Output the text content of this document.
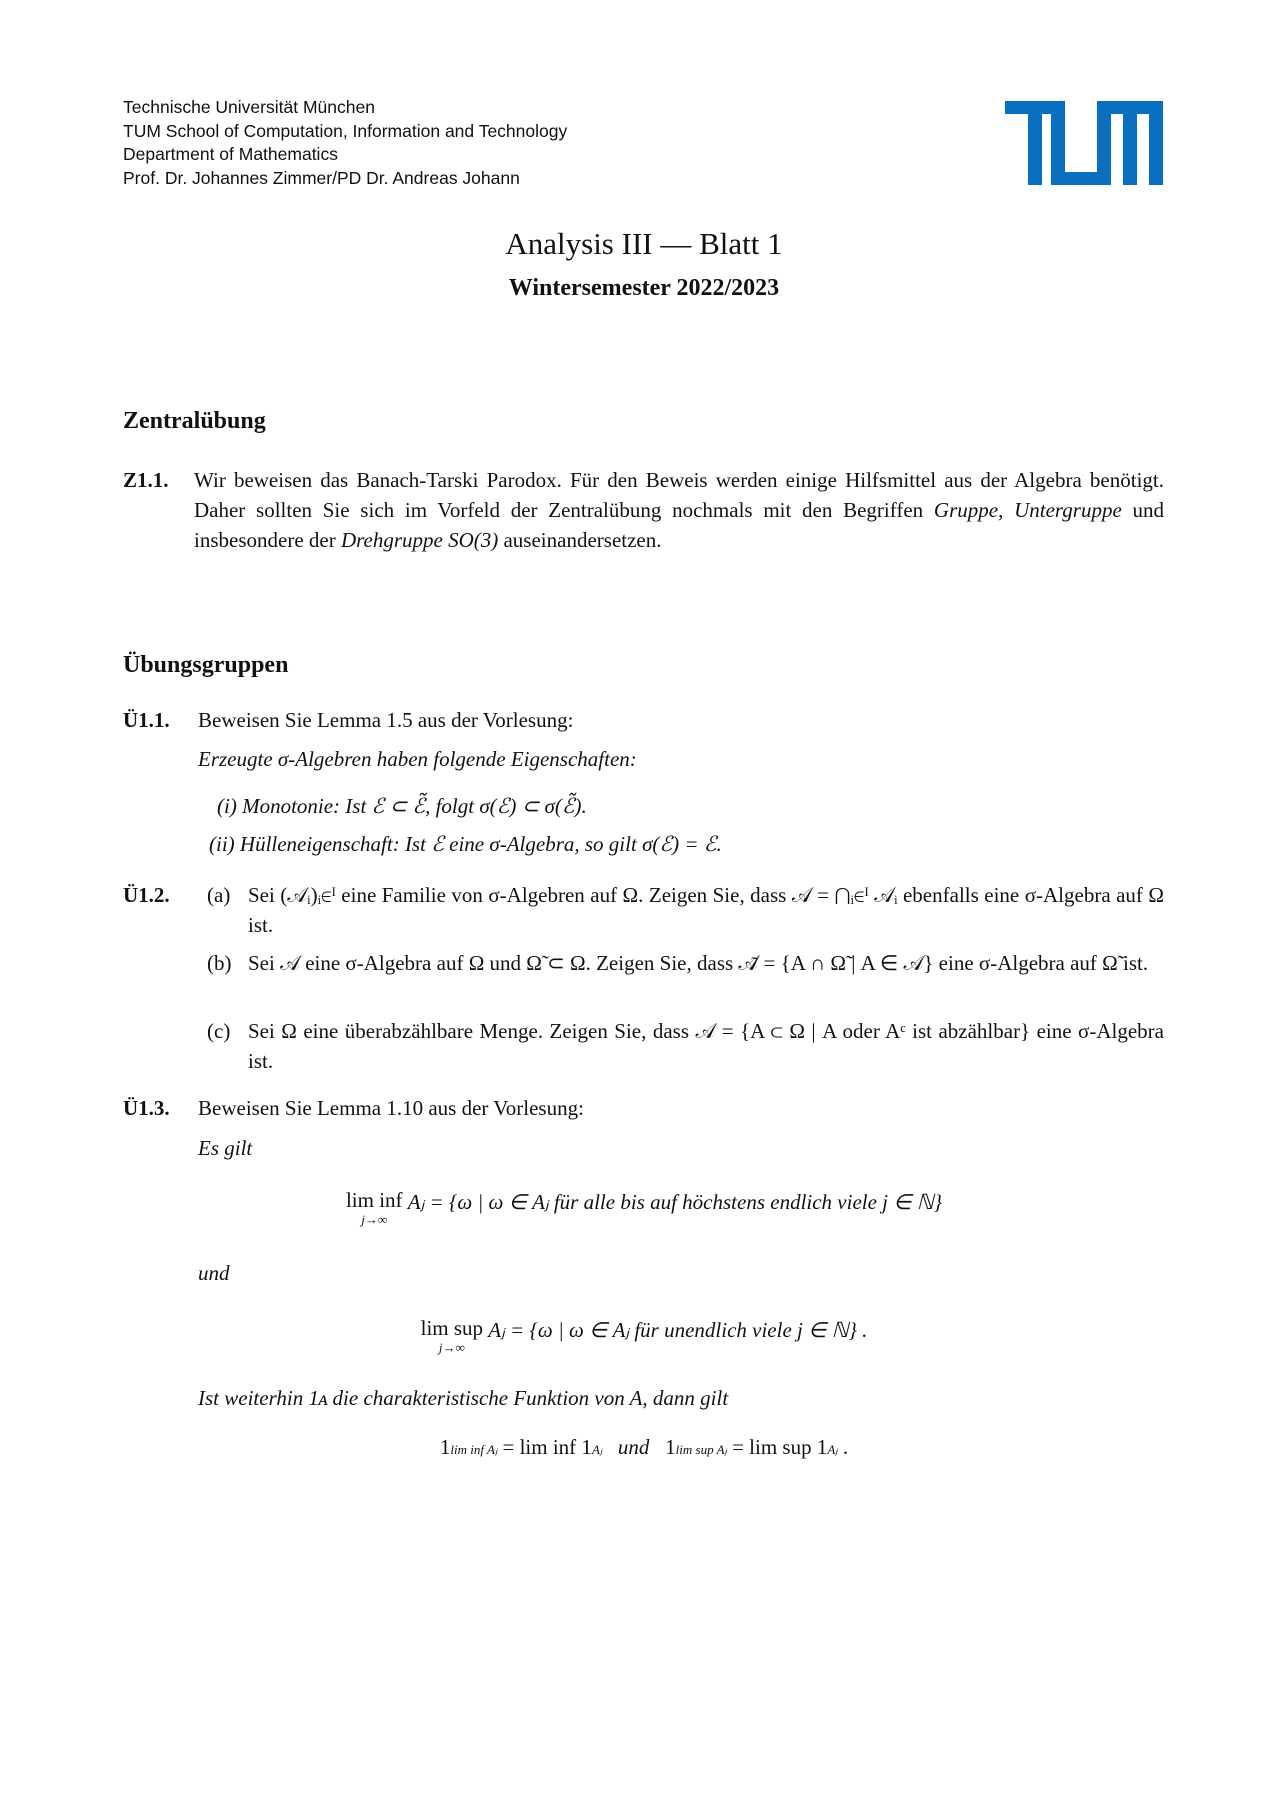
Technische Universität München
TUM School of Computation, Information and Technology
Department of Mathematics
Prof. Dr. Johannes Zimmer/PD Dr. Andreas Johann
Analysis III — Blatt 1
Wintersemester 2022/2023
Zentralübung
Z1.1. Wir beweisen das Banach-Tarski Parodox. Für den Beweis werden einige Hilfsmittel aus der Algebra benötigt. Daher sollten Sie sich im Vorfeld der Zentralübung nochmals mit den Begriffen Gruppe, Untergruppe und insbesondere der Drehgruppe SO(3) auseinandersetzen.
Übungsgruppen
Ü1.1. Beweisen Sie Lemma 1.5 aus der Vorlesung:
Erzeugte σ-Algebren haben folgende Eigenschaften:
(i) Monotonie: Ist ℰ ⊂ ℰ̃, folgt σ(ℰ) ⊂ σ(ℰ̃).
(ii) Hülleneigenschaft: Ist ℰ eine σ-Algebra, so gilt σ(ℰ) = ℰ.
Ü1.2. (a) Sei (𝒜ᵢ)ᵢ∈ᴵ eine Familie von σ-Algebren auf Ω. Zeigen Sie, dass 𝒜 = ⋂ᵢ∈ᴵ 𝒜ᵢ ebenfalls eine σ-Algebra auf Ω ist.
(b) Sei 𝒜 eine σ-Algebra auf Ω und Ω̃ ⊂ Ω. Zeigen Sie, dass 𝒜̃ = {A ∩ Ω̃ | A ∈ 𝒜} eine σ-Algebra auf Ω̃ ist.
(c) Sei Ω eine überabzählbare Menge. Zeigen Sie, dass 𝒜 = {A ⊂ Ω | A oder Aᶜ ist abzählbar} eine σ-Algebra ist.
Ü1.3. Beweisen Sie Lemma 1.10 aus der Vorlesung:
Es gilt
lim inf
j→∞
Aⱼ = {ω | ω ∈ Aⱼ für alle bis auf höchstens endlich viele j ∈ ℕ}
und
lim sup
j→∞
Aⱼ = {ω | ω ∈ Aⱼ für unendlich viele j ∈ ℕ} .
Ist weiterhin 1ᴀ die charakteristische Funktion von A, dann gilt
1lim inf Aⱼ = lim inf 1Aⱼ und 1lim sup Aⱼ = lim sup 1Aⱼ .
